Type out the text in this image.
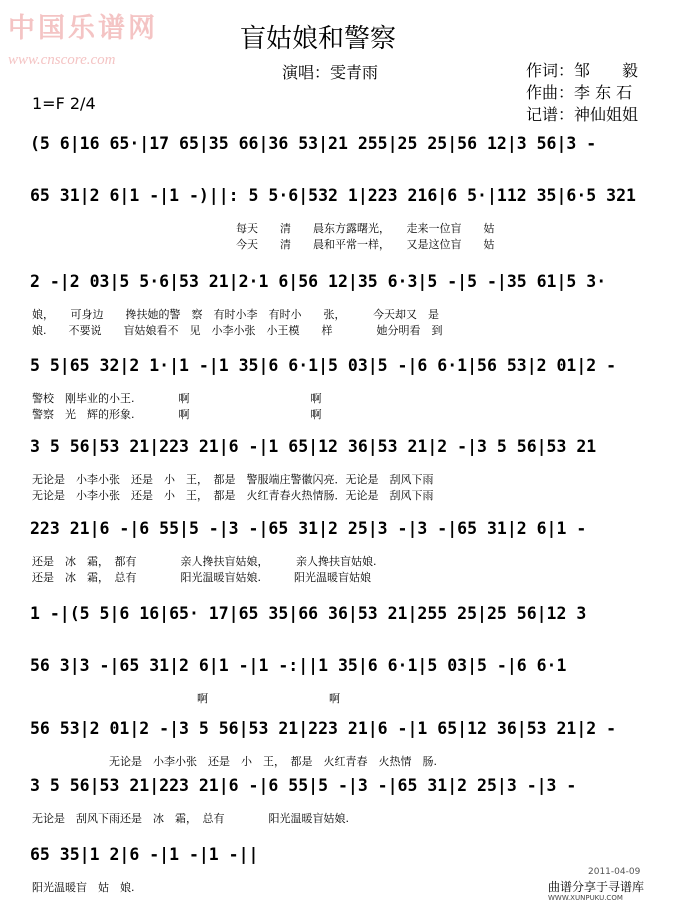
中国乐谱网
www.cnscore.com
盲姑娘和警察
演唱：雯青雨	作词：邹　　毅
作曲：李 东 石
记谱：神仙姐姐
1=F 2/4
(5 6|16 65·|17 65|35 66|36 53|21 255|25 25|56 12|3 56|3 -
65 31|2 6|1 -|1 -)||: 5 5·6|532 1|223 216|6 5·|112 35|6·5 321
每天　　清　　晨东方露曙光，　　走来一位盲　　姑
今天　　清　　晨和平常一样，　　又是这位盲　　姑
2 -|2 03|5 5·6|53 21|2·1 6|56 12|35 6·3|5 -|5 -|35 61|5 3·
娘，　　可身边　　搀扶她的警　察　有时小李　有时小　　张，　　　今天却又　是
娘.　　不要说　　盲姑娘看不　见　小李小张　小王模　　样　　　　她分明看　到
5 5|65 32|2 1·|1 -|1 35|6 6·1|5 03|5 -|6 6·1|56 53|2 01|2 -
警校　刚毕业的小王.　　　　啊　　　　　　　　　　　啊
警察　光　辉的形象.　　　　啊　　　　　　　　　　　啊
3 5 56|53 21|223 21|6 -|1 65|12 36|53 21|2 -|3 5 56|53 21
无论是　小李小张　还是　小　王，　都是　警服端庄警徽闪亮．无论是　刮风下雨
无论是　小李小张　还是　小　王，　都是　火红青春火热情肠．无论是　刮风下雨
223 21|6 -|6 55|5 -|3 -|65 31|2 25|3 -|3 -|65 31|2 6|1 -
还是　冰　霜，　都有　　　　亲人搀扶盲姑娘，　　　亲人搀扶盲姑娘.
还是　冰　霜，　总有　　　　阳光温暖盲姑娘.　　　阳光温暖盲姑娘
1 -|(5 5|6 16|65· 17|65 35|66 36|53 21|255 25|25 56|12 3
56 3|3 -|65 31|2 6|1 -|1 -:||1 35|6 6·1|5 03|5 -|6 6·1
　　　　　　　　　　　　　　　啊　　　　　　　　　　　啊
56 53|2 01|2 -|3 5 56|53 21|223 21|6 -|1 65|12 36|53 21|2 -
　　　　　　　无论是　小李小张　还是　小　王，　都是　火红青春　火热情　肠.
3 5 56|53 21|223 21|6 -|6 55|5 -|3 -|65 31|2 25|3 -|3 -
无论是　刮风下雨还是　冰　霜，　总有　　　　阳光温暖盲姑娘.
65 35|1 2|6 -|1 -|1 -||
阳光温暖盲　姑　娘.
2011-04-09
曲谱分享于寻谱库
WWW.XUNPUKU.COM
